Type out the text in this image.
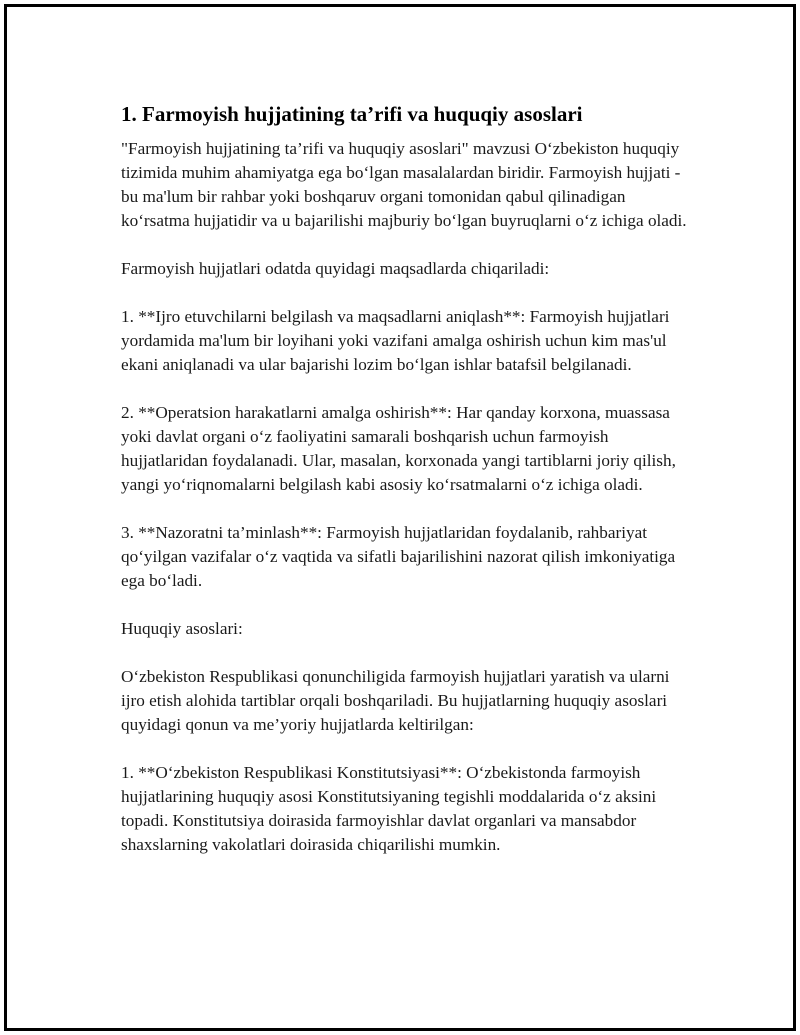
1. Farmoyish hujjatining ta’rifi va huquqiy asoslari

"Farmoyish hujjatining ta’rifi va huquqiy asoslari" mavzusi O‘zbekiston huquqiy tizimida muhim ahamiyatga ega bo‘lgan masalalardan biridir. Farmoyish hujjati - bu ma'lum bir rahbar yoki boshqaruv organi tomonidan qabul qilinadigan ko‘rsatma hujjatidir va u bajarilishi majburiy bo‘lgan buyruqlarni o‘z ichiga oladi.

Farmoyish hujjatlari odatda quyidagi maqsadlarda chiqariladi:

1. **Ijro etuvchilarni belgilash va maqsadlarni aniqlash**: Farmoyish hujjatlari yordamida ma'lum bir loyihani yoki vazifani amalga oshirish uchun kim mas'ul ekani aniqlanadi va ular bajarishi lozim bo‘lgan ishlar batafsil belgilanadi.

2. **Operatsion harakatlarni amalga oshirish**: Har qanday korxona, muassasa yoki davlat organi o‘z faoliyatini samarali boshqarish uchun farmoyish hujjatlaridan foydalanadi. Ular, masalan, korxonada yangi tartiblarni joriy qilish, yangi yo‘riqnomalarni belgilash kabi asosiy ko‘rsatmalarni o‘z ichiga oladi.

3. **Nazoratni ta’minlash**: Farmoyish hujjatlaridan foydalanib, rahbariyat qo‘yilgan vazifalar o‘z vaqtida va sifatli bajarilishini nazorat qilish imkoniyatiga ega bo‘ladi.

Huquqiy asoslari:

O‘zbekiston Respublikasi qonunchiligida farmoyish hujjatlari yaratish va ularni ijro etish alohida tartiblar orqali boshqariladi. Bu hujjatlarning huquqiy asoslari quyidagi qonun va me’yoriy hujjatlarda keltirilgan:

1. **O‘zbekiston Respublikasi Konstitutsiyasi**: O‘zbekistonda farmoyish hujjatlarining huquqiy asosi Konstitutsiyaning tegishli moddalarida o‘z aksini topadi. Konstitutsiya doirasida farmoyishlar davlat organlari va mansabdor shaxslarning vakolatlari doirasida chiqarilishi mumkin.
